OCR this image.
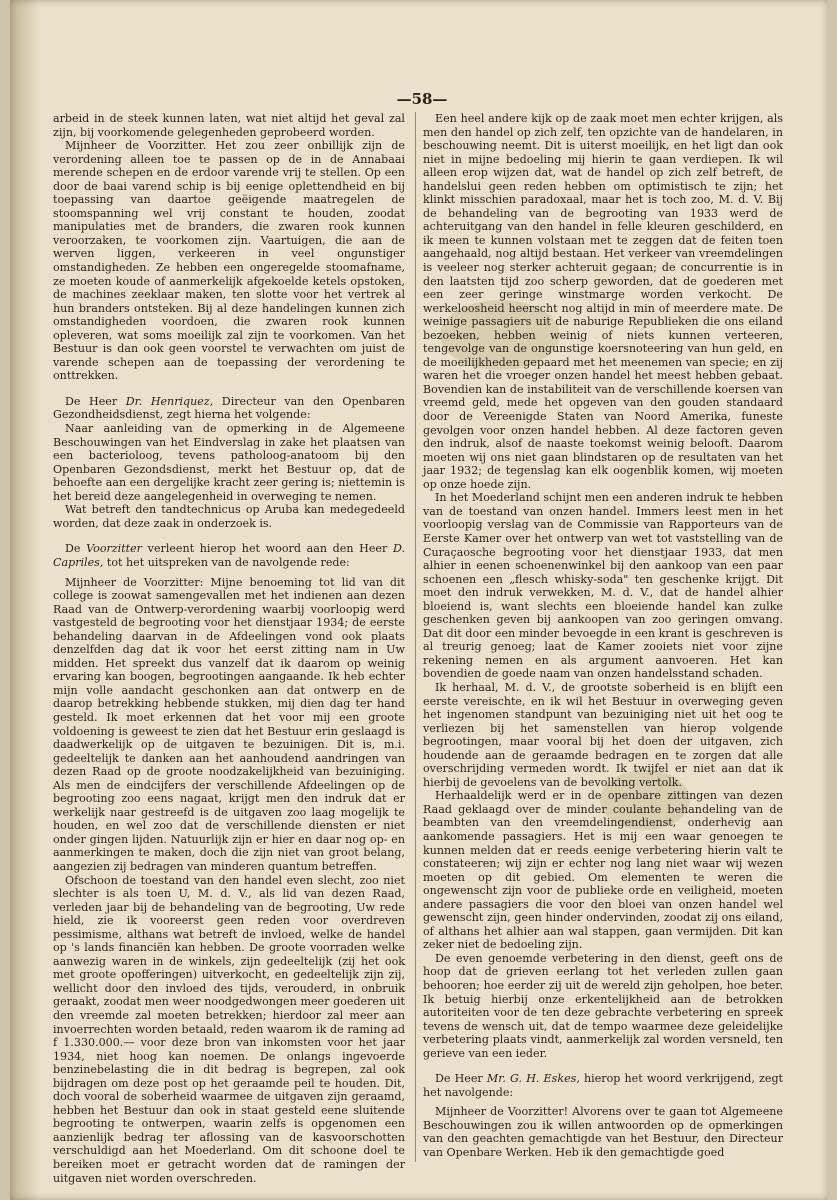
—58—

arbeid in de steek kunnen laten, wat niet altijd het geval zal zijn, bij voorkomende gelegenheden geprobeerd worden.

Mijnheer de Voorzitter. Het zou zeer onbillijk zijn de verordening alleen toe te passen op de in de Annabaai merende schepen en de erdoor varende vrij te stellen. Op een door de baai varend schip is bij eenige oplettendheid en bij toepassing van daartoe geëigende maatregelen de stoomspanning wel vrij constant te houden, zoodat manipulaties met de branders, die zwaren rook kunnen veroorzaken, te voorkomen zijn. Vaartuigen, die aan de werven liggen, verkeeren in veel ongunstiger omstandigheden. Ze hebben een ongeregelde stoomafname, ze moeten koude of aanmerkelijk afgekoelde ketels opstoken, de machines zeeklaar maken, ten slotte voor het vertrek al hun branders ontsteken. Bij al deze handelingen kunnen zich omstandigheden voordoen, die zwaren rook kunnen opleveren, wat soms moeilijk zal zijn te voorkomen. Van het Bestuur is dan ook geen voorstel te verwachten om juist de varende schepen aan de toepassing der verordening te onttrekken.

De Heer Dr. Henriquez, Directeur van den Openbaren Gezondheidsdienst, zegt hierna het volgende:

Naar aanleiding van de opmerking in de Algemeene Beschouwingen van het Eindverslag in zake het plaatsen van een bacterioloog, tevens patholoog-anatoom bij den Openbaren Gezondsdienst, merkt het Bestuur op, dat de behoefte aan een dergelijke kracht zeer gering is; niettemin is het bereid deze aangelegenheid in overweging te nemen.

Wat betreft den tandtechnicus op Aruba kan medegedeeld worden, dat deze zaak in onderzoek is.

De Voorzitter verleent hierop het woord aan den Heer D. Capriles, tot het uitspreken van de navolgende rede:

Mijnheer de Voorzitter: Mijne benoeming tot lid van dit college is zoowat samengevallen met het indienen aan dezen Raad van de Ontwerp-verordening waarbij voorloopig werd vastgesteld de begrooting voor het dienstjaar 1934; de eerste behandeling daarvan in de Afdeelingen vond ook plaats denzelfden dag dat ik voor het eerst zitting nam in Uw midden. Het spreekt dus vanzelf dat ik daarom op weinig ervaring kan boogen, begrootingen aangaande. Ik heb echter mijn volle aandacht geschonken aan dat ontwerp en de daarop betrekking hebbende stukken, mij dien dag ter hand gesteld. Ik moet erkennen dat het voor mij een groote voldoening is geweest te zien dat het Bestuur erin geslaagd is daadwerkelijk op de uitgaven te bezuinigen. Dit is, m.i. gedeeltelijk te danken aan het aanhoudend aandringen van dezen Raad op de groote noodzakelijkheid van bezuiniging. Als men de eindcijfers der verschillende Afdeelingen op de begrooting zoo eens nagaat, krijgt men den indruk dat er werkelijk naar gestreefd is de uitgaven zoo laag mogelijk te houden, en wel zoo dat de verschillende diensten er niet onder gingen lijden. Natuurlijk zijn er hier en daar nog op- en aanmerkingen te maken, doch die zijn niet van groot belang, aangezien zij bedragen van minderen quantum betreffen.

Ofschoon de toestand van den handel even slecht, zoo niet slechter is als toen U, M. d. V., als lid van dezen Raad, verleden jaar bij de behandeling van de begrooting, Uw rede hield, zie ik vooreerst geen reden voor overdreven pessimisme, althans wat betreft de invloed, welke de handel op 's lands financiën kan hebben. De groote voorraden welke aanwezig waren in de winkels, zijn gedeeltelijk (zij het ook met groote opofferingen) uitverkocht, en gedeeltelijk zijn zij, wellicht door den invloed des tijds, verouderd, in onbruik geraakt, zoodat men weer noodgedwongen meer goederen uit den vreemde zal moeten betrekken; hierdoor zal meer aan invoerrechten worden betaald, reden waarom ik de raming ad f 1.330.000.— voor deze bron van inkomsten voor het jaar 1934, niet hoog kan noemen. De onlangs ingevoerde benzinebelasting die in dit bedrag is begrepen, zal ook bijdragen om deze post op het geraamde peil te houden. Dit, doch vooral de soberheid waarmee de uitgaven zijn geraamd, hebben het Bestuur dan ook in staat gesteld eene sluitende begrooting te ontwerpen, waarin zelfs is opgenomen een aanzienlijk bedrag ter aflossing van de kasvoorschotten verschuldigd aan het Moederland. Om dit schoone doel te bereiken moet er getracht worden dat de ramingen der uitgaven niet worden overschreden.

Een heel andere kijk op de zaak moet men echter krijgen, als men den handel op zich zelf, ten opzichte van de handelaren, in beschouwing neemt. Dit is uiterst moeilijk, en het ligt dan ook niet in mijne bedoeling mij hierin te gaan verdiepen. Ik wil alleen erop wijzen dat, wat de handel op zich zelf betreft, de handelslui geen reden hebben om optimistisch te zijn; het klinkt misschien paradoxaal, maar het is toch zoo, M. d. V. Bij de behandeling van de begrooting van 1933 werd de achteruitgang van den handel in felle kleuren geschilderd, en ik meen te kunnen volstaan met te zeggen dat de feiten toen aangehaald, nog altijd bestaan. Het verkeer van vreemdelingen is veeleer nog sterker achteruit gegaan; de concurrentie is in den laatsten tijd zoo scherp geworden, dat de goederen met een zeer geringe winstmarge worden verkocht. De werkeloosheid heerscht nog altijd in min of meerdere mate. De weinige passagiers uit de naburige Republieken die ons eiland bezoeken, hebben weinig of niets kunnen verteeren, tengevolge van de ongunstige koersnoteering van hun geld, en de moeilijkheden gepaard met het meenemen van specie; en zij waren het die vroeger onzen handel het meest hebben gebaat. Bovendien kan de instabiliteit van de verschillende koersen van vreemd geld, mede het opgeven van den gouden standaard door de Vereenigde Staten van Noord Amerika, funeste gevolgen voor onzen handel hebben. Al deze factoren geven den indruk, alsof de naaste toekomst weinig belooft. Daarom moeten wij ons niet gaan blindstaren op de resultaten van het jaar 1932; de tegenslag kan elk oogenblik komen, wij moeten op onze hoede zijn.

In het Moederland schijnt men een anderen indruk te hebben van de toestand van onzen handel. Immers leest men in het voorloopig verslag van de Commissie van Rapporteurs van de Eerste Kamer over het ontwerp van wet tot vaststelling van de Curaçaosche begrooting voor het dienstjaar 1933, dat men alhier in eenen schoenenwinkel bij den aankoop van een paar schoenen een „flesch whisky-soda" ten geschenke krijgt. Dit moet den indruk verwekken, M. d. V., dat de handel alhier bloeiend is, want slechts een bloeiende handel kan zulke geschenken geven bij aankoopen van zoo geringen omvang. Dat dit door een minder bevoegde in een krant is geschreven is al treurig genoeg; laat de Kamer zooiets niet voor zijne rekening nemen en als argument aanvoeren. Het kan bovendien de goede naam van onzen handelsstand schaden.

Ik herhaal, M. d. V., de grootste soberheid is en blijft een eerste vereischte, en ik wil het Bestuur in overweging geven het ingenomen standpunt van bezuiniging niet uit het oog te verliezen bij het samenstellen van hierop volgende begrootingen, maar vooral bij het doen der uitgaven, zich houdende aan de geraamde bedragen en te zorgen dat alle overschrijding vermeden wordt. Ik twijfel er niet aan dat ik hierbij de gevoelens van de bevolking vertolk.

Herhaaldelijk werd er in de openbare zittingen van dezen Raad geklaagd over de minder coulante behandeling van de beambten van den vreemdelingendienst, onderhevig aan aankomende passagiers. Het is mij een waar genoegen te kunnen melden dat er reeds eenige verbetering hierin valt te constateeren; wij zijn er echter nog lang niet waar wij wezen moeten op dit gebied. Om elementen te weren die ongewenscht zijn voor de publieke orde en veiligheid, moeten andere passagiers die voor den bloei van onzen handel wel gewenscht zijn, geen hinder ondervinden, zoodat zij ons eiland, of althans het alhier aan wal stappen, gaan vermijden. Dit kan zeker niet de bedoeling zijn.

De even genoemde verbetering in den dienst, geeft ons de hoop dat de grieven eerlang tot het verleden zullen gaan behooren; hoe eerder zij uit de wereld zijn geholpen, hoe beter. Ik betuig hierbij onze erkentelijkheid aan de betrokken autoriteiten voor de ten deze gebrachte verbetering en spreek tevens de wensch uit, dat de tempo waarmee deze geleidelijke verbetering plaats vindt, aanmerkelijk zal worden versneld, ten gerieve van een ieder.

De Heer Mr. G. H. Eskes, hierop het woord verkrijgend, zegt het navolgende:

Mijnheer de Voorzitter! Alvorens over te gaan tot Algemeene Beschouwingen zou ik willen antwoorden op de opmerkingen van den geachten gemachtigde van het Bestuur, den Directeur van Openbare Werken. Heb ik den gemachtigde goed
